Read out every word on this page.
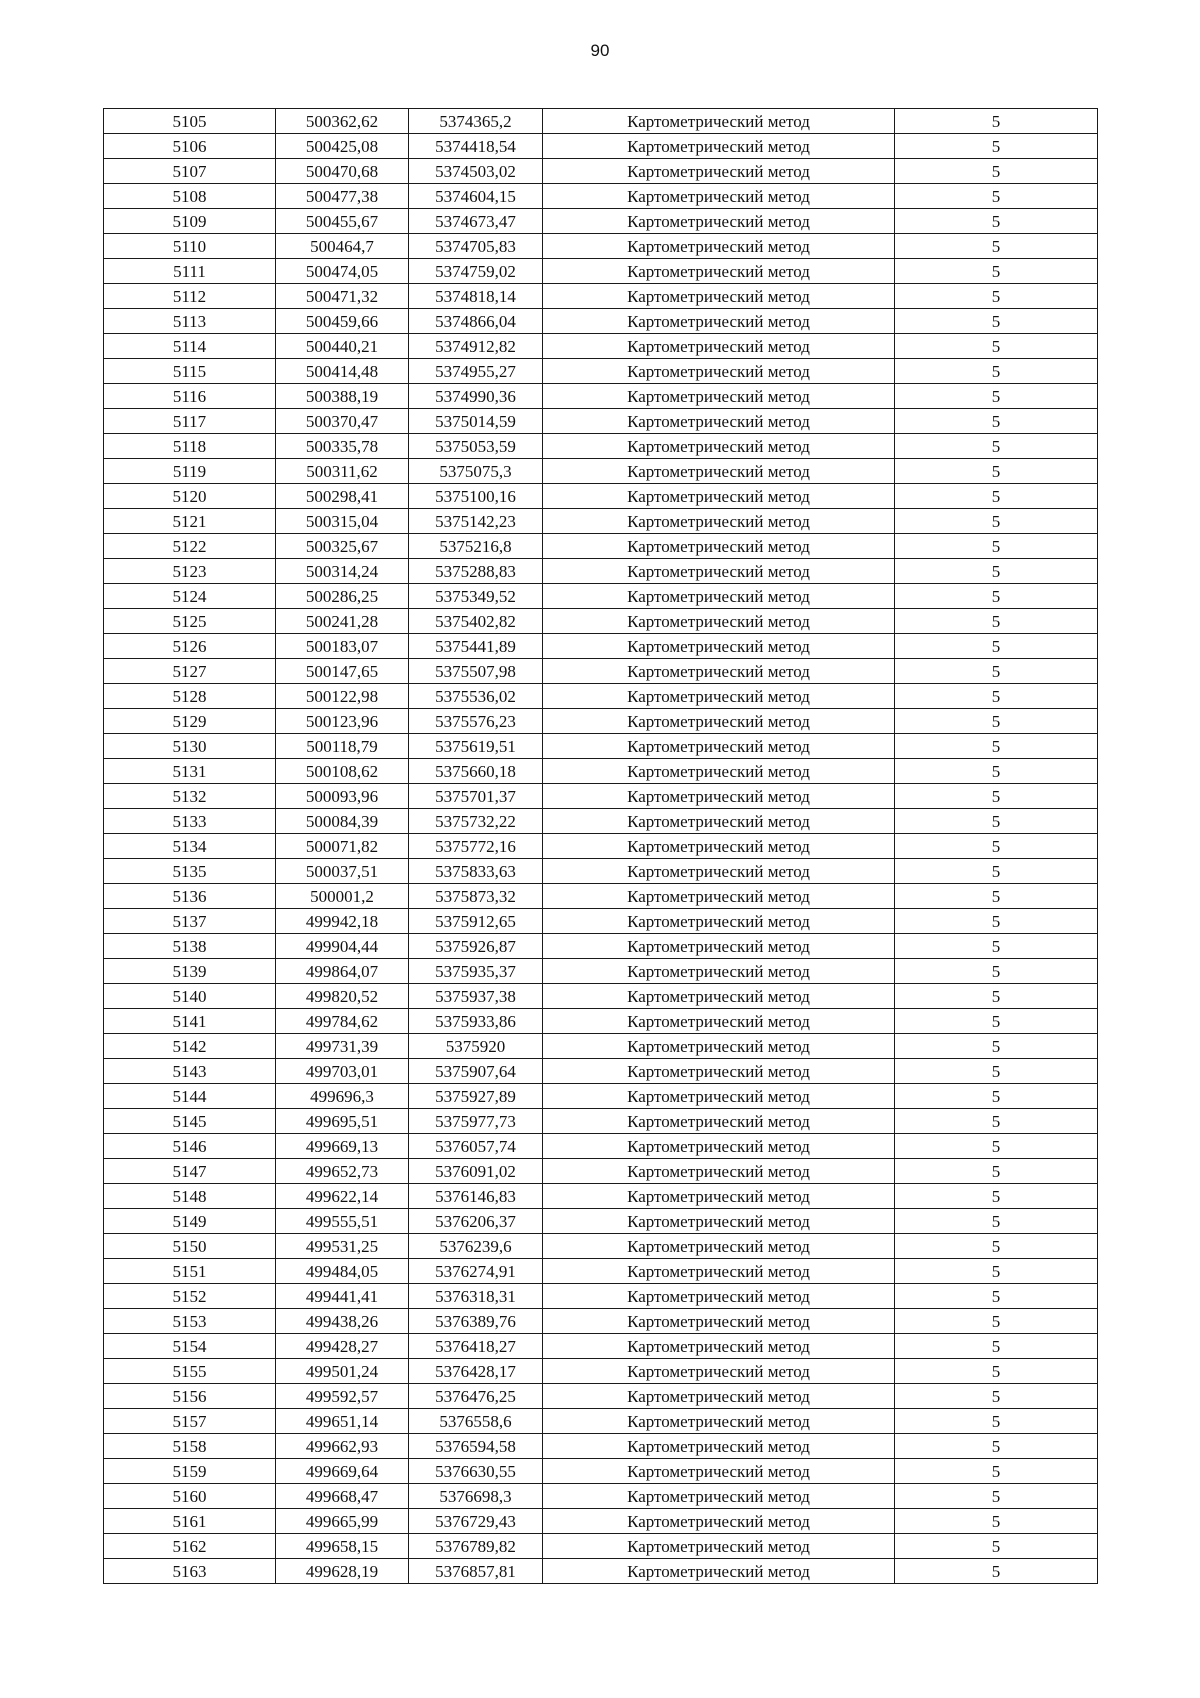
90
5105	500362,62	5374365,2	Картометрический метод	5
5106	500425,08	5374418,54	Картометрический метод	5
5107	500470,68	5374503,02	Картометрический метод	5
5108	500477,38	5374604,15	Картометрический метод	5
5109	500455,67	5374673,47	Картометрический метод	5
5110	500464,7	5374705,83	Картометрический метод	5
5111	500474,05	5374759,02	Картометрический метод	5
5112	500471,32	5374818,14	Картометрический метод	5
5113	500459,66	5374866,04	Картометрический метод	5
5114	500440,21	5374912,82	Картометрический метод	5
5115	500414,48	5374955,27	Картометрический метод	5
5116	500388,19	5374990,36	Картометрический метод	5
5117	500370,47	5375014,59	Картометрический метод	5
5118	500335,78	5375053,59	Картометрический метод	5
5119	500311,62	5375075,3	Картометрический метод	5
5120	500298,41	5375100,16	Картометрический метод	5
5121	500315,04	5375142,23	Картометрический метод	5
5122	500325,67	5375216,8	Картометрический метод	5
5123	500314,24	5375288,83	Картометрический метод	5
5124	500286,25	5375349,52	Картометрический метод	5
5125	500241,28	5375402,82	Картометрический метод	5
5126	500183,07	5375441,89	Картометрический метод	5
5127	500147,65	5375507,98	Картометрический метод	5
5128	500122,98	5375536,02	Картометрический метод	5
5129	500123,96	5375576,23	Картометрический метод	5
5130	500118,79	5375619,51	Картометрический метод	5
5131	500108,62	5375660,18	Картометрический метод	5
5132	500093,96	5375701,37	Картометрический метод	5
5133	500084,39	5375732,22	Картометрический метод	5
5134	500071,82	5375772,16	Картометрический метод	5
5135	500037,51	5375833,63	Картометрический метод	5
5136	500001,2	5375873,32	Картометрический метод	5
5137	499942,18	5375912,65	Картометрический метод	5
5138	499904,44	5375926,87	Картометрический метод	5
5139	499864,07	5375935,37	Картометрический метод	5
5140	499820,52	5375937,38	Картометрический метод	5
5141	499784,62	5375933,86	Картометрический метод	5
5142	499731,39	5375920	Картометрический метод	5
5143	499703,01	5375907,64	Картометрический метод	5
5144	499696,3	5375927,89	Картометрический метод	5
5145	499695,51	5375977,73	Картометрический метод	5
5146	499669,13	5376057,74	Картометрический метод	5
5147	499652,73	5376091,02	Картометрический метод	5
5148	499622,14	5376146,83	Картометрический метод	5
5149	499555,51	5376206,37	Картометрический метод	5
5150	499531,25	5376239,6	Картометрический метод	5
5151	499484,05	5376274,91	Картометрический метод	5
5152	499441,41	5376318,31	Картометрический метод	5
5153	499438,26	5376389,76	Картометрический метод	5
5154	499428,27	5376418,27	Картометрический метод	5
5155	499501,24	5376428,17	Картометрический метод	5
5156	499592,57	5376476,25	Картометрический метод	5
5157	499651,14	5376558,6	Картометрический метод	5
5158	499662,93	5376594,58	Картометрический метод	5
5159	499669,64	5376630,55	Картометрический метод	5
5160	499668,47	5376698,3	Картометрический метод	5
5161	499665,99	5376729,43	Картометрический метод	5
5162	499658,15	5376789,82	Картометрический метод	5
5163	499628,19	5376857,81	Картометрический метод	5
